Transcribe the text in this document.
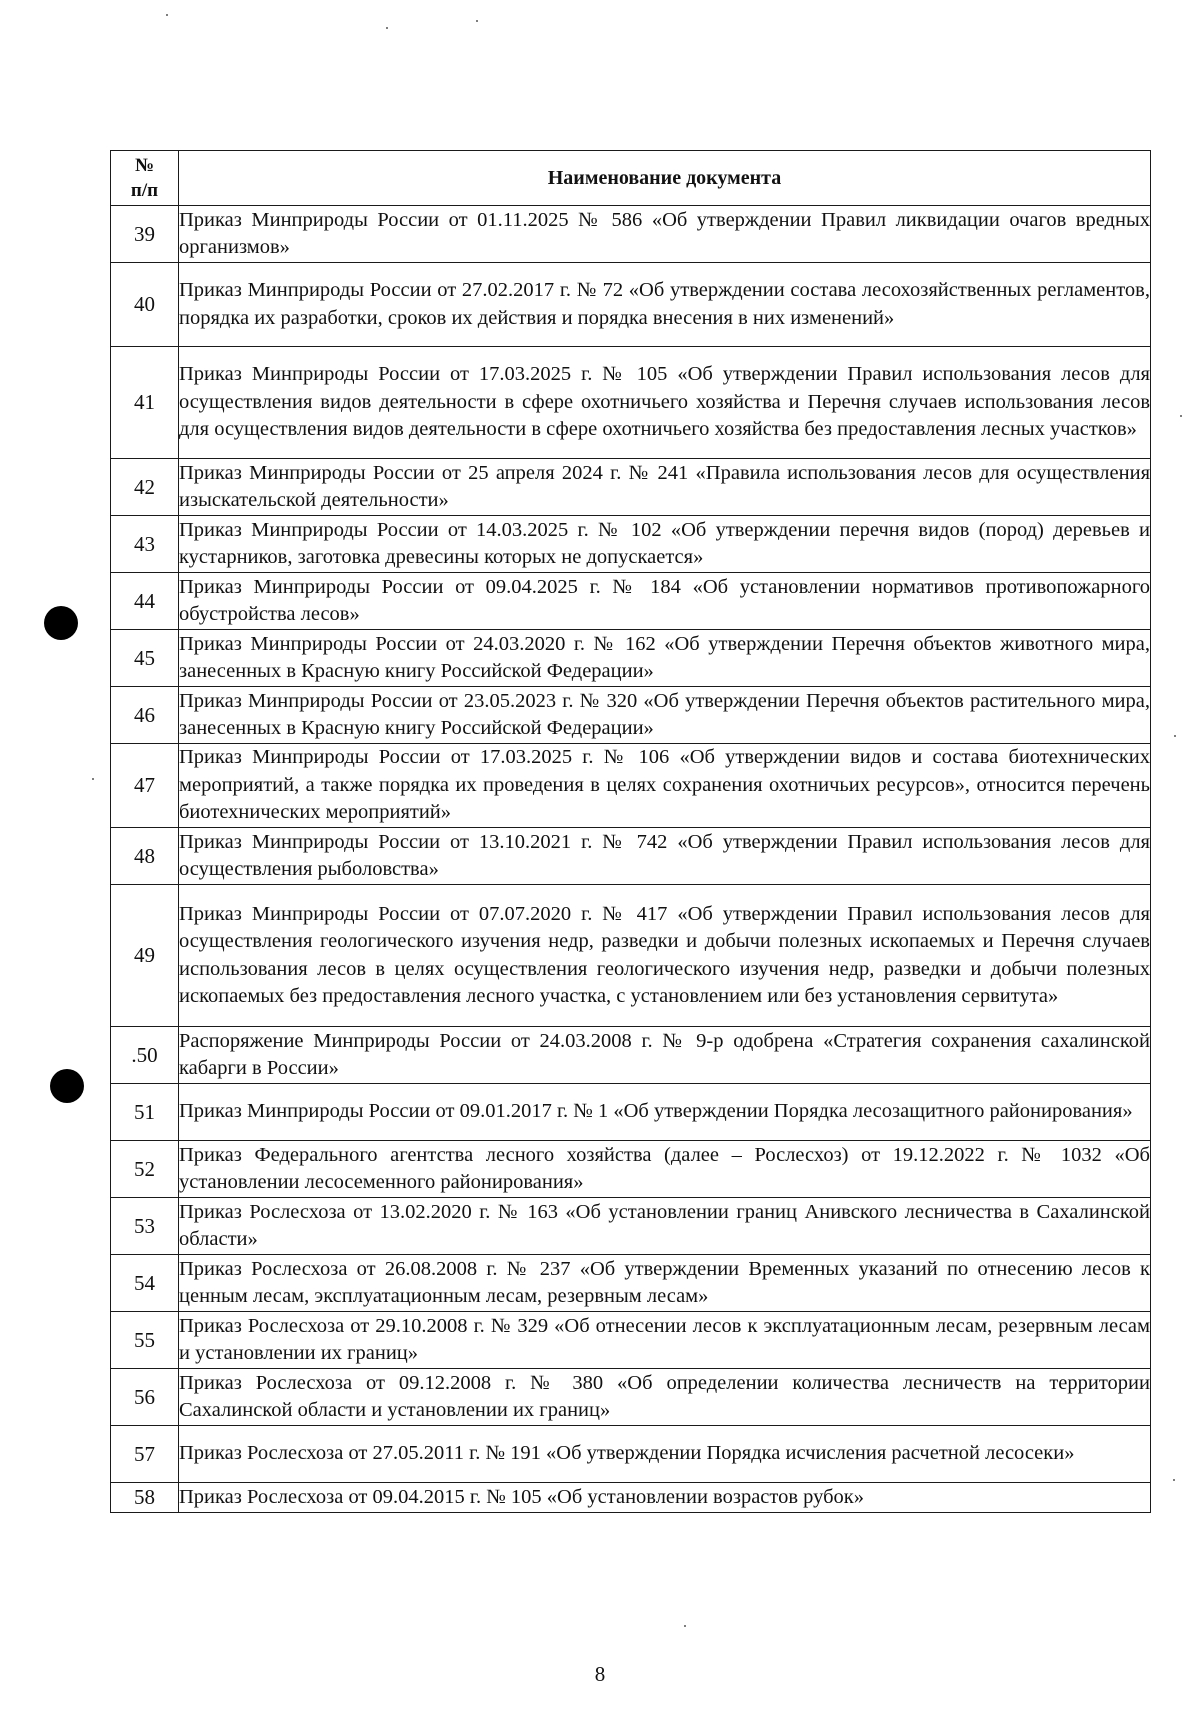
№
п/п	Наименование документа
39	Приказ Минприроды России от 01.11.2025 № 586 «Об утверждении Правил ликвидации очагов вредных организмов»
40	Приказ Минприроды России от 27.02.2017 г. № 72 «Об утверждении состава лесохозяйственных регламентов, порядка их разработки, сроков их действия и порядка внесения в них изменений»
41	Приказ Минприроды России от 17.03.2025 г. № 105 «Об утверждении Правил использования лесов для осуществления видов деятельности в сфере охотничьего хозяйства и Перечня случаев использования лесов для осуществления видов деятельности в сфере охотничьего хозяйства без предоставления лесных участков»
42	Приказ Минприроды России от 25 апреля 2024 г. № 241 «Правила использования лесов для осуществления изыскательской деятельности»
43	Приказ Минприроды России от 14.03.2025 г. № 102 «Об утверждении перечня видов (пород) деревьев и кустарников, заготовка древесины которых не допускается»
44	Приказ Минприроды России от 09.04.2025 г. № 184 «Об установлении нормативов противопожарного обустройства лесов»
45	Приказ Минприроды России от 24.03.2020 г. № 162 «Об утверждении Перечня объектов животного мира, занесенных в Красную книгу Российской Федерации»
46	Приказ Минприроды России от 23.05.2023 г. № 320 «Об утверждении Перечня объектов растительного мира, занесенных в Красную книгу Российской Федерации»
47	Приказ Минприроды России от 17.03.2025 г. № 106 «Об утверждении видов и состава биотехнических мероприятий, а также порядка их проведения в целях сохранения охотничьих ресурсов», относится перечень биотехнических мероприятий»
48	Приказ Минприроды России от 13.10.2021 г. № 742 «Об утверждении Правил использования лесов для осуществления рыболовства»
49	Приказ Минприроды России от 07.07.2020 г. № 417 «Об утверждении Правил использования лесов для осуществления геологического изучения недр, разведки и добычи полезных ископаемых и Перечня случаев использования лесов в целях осуществления геологического изучения недр, разведки и добычи полезных ископаемых без предоставления лесного участка, с установлением или без установления сервитута»
.50	Распоряжение Минприроды России от 24.03.2008 г. № 9-р одобрена «Стратегия сохранения сахалинской кабарги в России»
51	Приказ Минприроды России от 09.01.2017 г. № 1 «Об утверждении Порядка лесозащитного районирования»
52	Приказ Федерального агентства лесного хозяйства (далее – Рослесхоз) от 19.12.2022 г. № 1032 «Об установлении лесосеменного районирования»
53	Приказ Рослесхоза от 13.02.2020 г. № 163 «Об установлении границ Анивского лесничества в Сахалинской области»
54	Приказ Рослесхоза от 26.08.2008 г. № 237 «Об утверждении Временных указаний по отнесению лесов к ценным лесам, эксплуатационным лесам, резервным лесам»
55	Приказ Рослесхоза от 29.10.2008 г. № 329 «Об отнесении лесов к эксплуатационным лесам, резервным лесам и установлении их границ»
56	Приказ Рослесхоза от 09.12.2008 г. № 380 «Об определении количества лесничеств на территории Сахалинской области и установлении их границ»
57	Приказ Рослесхоза от 27.05.2011 г. № 191 «Об утверждении Порядка исчисления расчетной лесосеки»
58	Приказ Рослесхоза от 09.04.2015 г. № 105 «Об установлении возрастов рубок»
8
